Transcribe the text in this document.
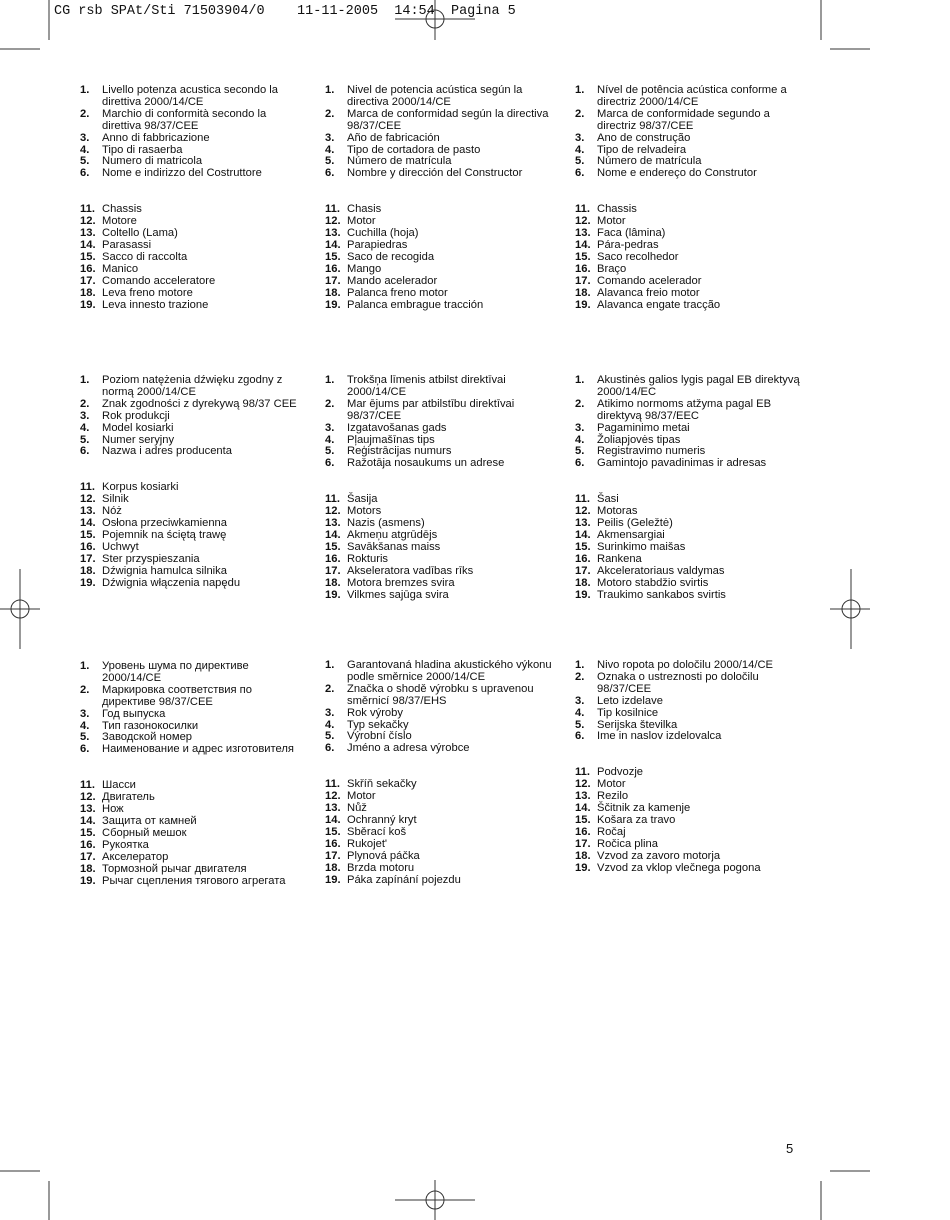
CG rsb SPAt/Sti 71503904/0    11-11-2005  14:54  Pagina 5
1.	Livello potenza acustica secondo la direttiva 2000/14/CE
2.	Marchio di conformità secondo la direttiva 98/37/CEE
3.	Anno di fabbricazione
4.	Tipo di rasaerba
5.	Numero di matricola
6.	Nome e indirizzo del Costruttore
11. Chassis
12. Motore
13. Coltello (Lama)
14. Parasassi
15. Sacco di raccolta
16. Manico
17. Comando acceleratore
18. Leva freno motore
19. Leva innesto trazione
1.	Nivel de potencia acústica según la directiva 2000/14/CE
2.	Marca de conformidad según la directiva 98/37/CEE
3.	Año de fabricación
4.	Tipo de cortadora de pasto
5.	Número de matrícula
6.	Nombre y dirección del Constructor
11. Chasis
12. Motor
13. Cuchilla (hoja)
14. Parapiedras
15. Saco de recogida
16. Mango
17. Mando acelerador
18. Palanca freno motor
19. Palanca embrague tracción
1.	Nível de potência acústica conforme a directriz 2000/14/CE
2.	Marca de conformidade segundo a directriz 98/37/CEE
3.	Ano de construção
4.	Tipo de relvadeira
5.	Número de matrícula
6.	Nome e endereço do Construtor
11. Chassis
12. Motor
13. Faca (lâmina)
14. Pára-pedras
15. Saco recolhedor
16. Braço
17. Comando acelerador
18. Alavanca freio motor
19. Alavanca engate tracção
1.	Poziom natężenia dźwięku zgodny z normą 2000/14/CE
2.	Znak zgodności z dyrekywą 98/37 CEE
3.	Rok produkcji
4.	Model kosiarki
5.	Numer seryjny
6.	Nazwa i adres producenta
11. Korpus kosiarki
12. Silnik
13. Nóż
14. Osłona przeciwkamienna
15. Pojemnik na ściętą trawę
16. Uchwyt
17. Ster przyspieszania
18. Dźwignia hamulca silnika
19. Dźwignia włączenia napędu
1.	Trokšņa līmenis atbilst direktīvai 2000/14/CE
2.	Mar ējums par atbilstību direktīvai 98/37/CEE
3.	Izgatavošanas gads
4.	Pļaujmašīnas tips
5.	Reģistrācijas numurs
6.	Ražotāja nosaukums un adrese
11. Šasija
12. Motors
13. Nazis (asmens)
14. Akmeņu atgrūdējs
15. Savākšanas maiss
16. Rokturis
17. Akseleratora vadības rīks
18. Motora bremzes svira
19. Vilkmes sajūga svira
1.	Akustinės galios lygis pagal EB direktyvą 2000/14/EC
2.	Atikimo normoms atžyma pagal EB direktyvą 98/37/EEC
3.	Pagaminimo metai
4.	Žoliapjovės tipas
5.	Registravimo numeris
6.	Gamintojo pavadinimas ir adresas
11. Šasi
12. Motoras
13. Peilis (Geležtė)
14. Akmensargiai
15. Surinkimo maišas
16. Rankena
17. Akceleratoriaus valdymas
18. Motoro stabdžio svirtis
19. Traukimo sankabos svirtis
1.	Уровень шума по директиве 2000/14/CE
2.	Маркировка соответствия по директиве 98/37/CEE
3.	Год выпуска
4.	Тип газонокосилки
5.	Заводской номер
6.	Наименование и адрес изготовителя
11. Шасси
12. Двигатель
13. Нож
14. Защита от камней
15. Сборный мешок
16. Рукоятка
17. Акселератор
18. Тормозной рычаг двигателя
19. Рычаг сцепления тягового агрегата
1.	Garantovaná hladina akustického výkonu podle směrnice 2000/14/CE
2.	Značka o shodě výrobku s upravenou směrnicí 98/37/EHS
3.	Rok výroby
4.	Typ sekačky
5.	Výrobní číslo
6.	Jméno a adresa výrobce
11. Skříň sekačky
12. Motor
13. Nůž
14. Ochranný kryt
15. Sběrací koš
16. Rukojet'
17. Plynová páčka
18. Brzda motoru
19. Páka zapínání pojezdu
1.	Nivo ropota po določilu 2000/14/CE
2.	Oznaka o ustreznosti po določilu 98/37/CEE
3.	Leto izdelave
4.	Tip kosilnice
5.	Serijska številka
6.	Ime in naslov izdelovalca
11. Podvozje
12. Motor
13. Rezilo
14. Ščitnik za kamenje
15. Košara za travo
16. Ročaj
17. Ročica plina
18. Vzvod za zavoro motorja
19. Vzvod za vklop vlečnega pogona
5
